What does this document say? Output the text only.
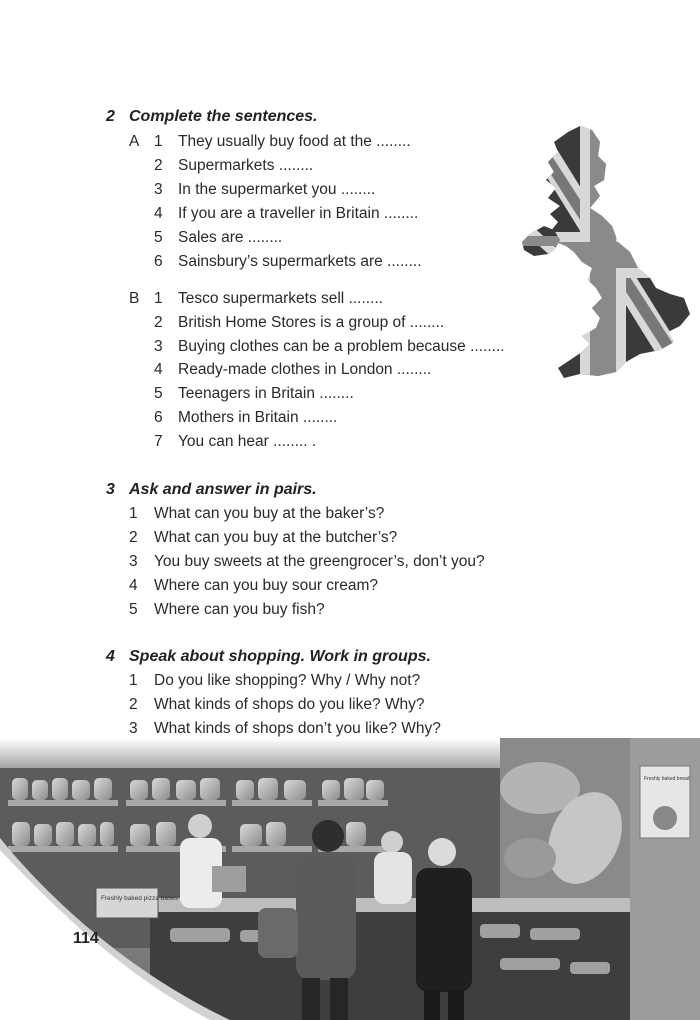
2 Complete the sentences.
A 1 They usually buy food at the ........
2 Supermarkets ........
3 In the supermarket you ........
4 If you are a traveller in Britain ........
5 Sales are ........
6 Sainsbury’s supermarkets are ........
B 1 Tesco supermarkets sell ........
2 British Home Stores is a group of ........
3 Buying clothes can be a problem because ........
4 Ready-made clothes in London ........
5 Teenagers in Britain ........
6 Mothers in Britain ........
7 You can hear ........ .
3 Ask and answer in pairs.
1 What can you buy at the baker’s?
2 What can you buy at the butcher’s?
3 You buy sweets at the greengrocer’s, don’t you?
4 Where can you buy sour cream?
5 Where can you buy fish?
4 Speak about shopping. Work in groups.
1 Do you like shopping? Why / Why not?
2 What kinds of shops do you like? Why?
3 What kinds of shops don’t you like? Why?
Freshly baked bread
Freshly baked pizza bases
114
